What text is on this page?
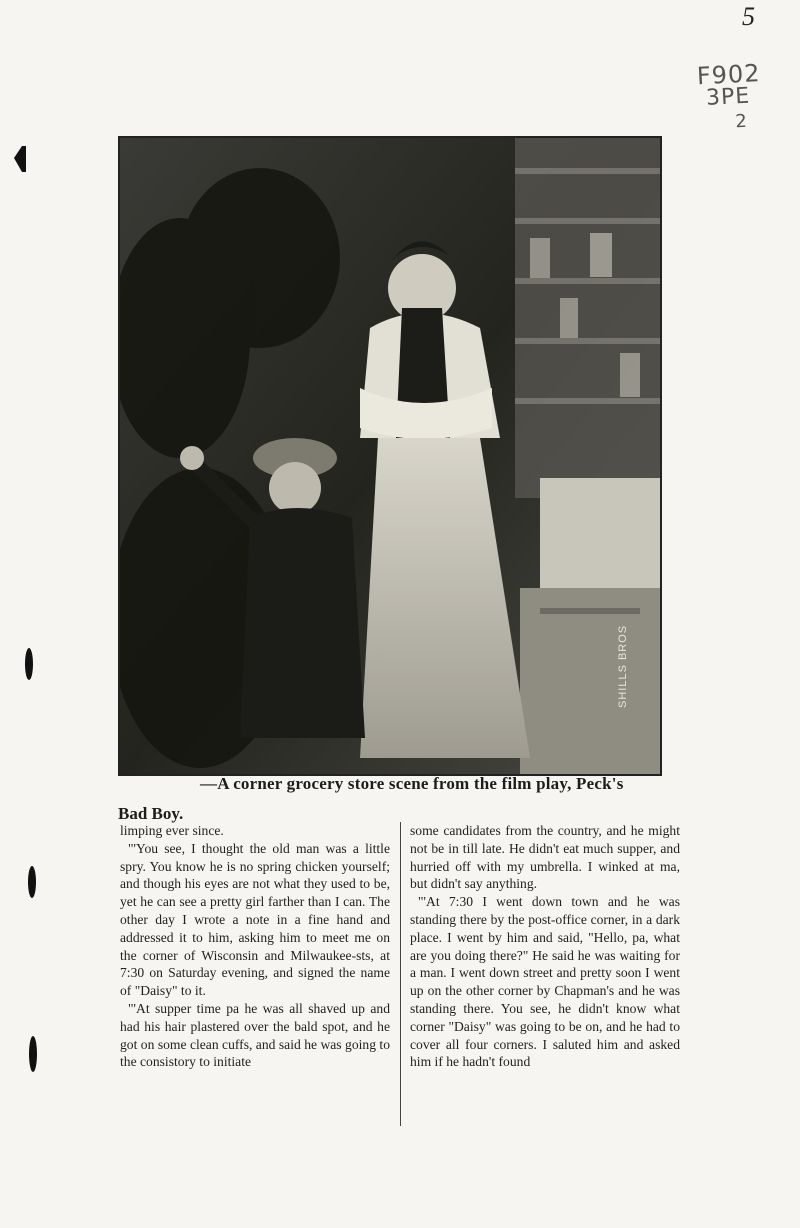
5
F902
3PE
2
SHILLS BROS
—A corner grocery store scene from the film play, Peck's
Bad Boy.

limping ever since.

"'You see, I thought the old man was a little spry. You know he is no spring chicken yourself; and though his eyes are not what they used to be, yet he can see a pretty girl farther than I can. The other day I wrote a note in a fine hand and addressed it to him, asking him to meet me on the corner of Wisconsin and Milwaukee-sts, at 7:30 on Saturday evening, and signed the name of "Daisy" to it.

"'At supper time pa he was all shaved up and had his hair plastered over the bald spot, and he got on some clean cuffs, and said he was going to the consistory to initiate

some candidates from the country, and he might not be in till late. He didn't eat much supper, and hurried off with my umbrella. I winked at ma, but didn't say anything.

"'At 7:30 I went down town and he was standing there by the post-office corner, in a dark place. I went by him and said, "Hello, pa, what are you doing there?" He said he was waiting for a man. I went down street and pretty soon I went up on the other corner by Chapman's and he was standing there. You see, he didn't know what corner "Daisy" was going to be on, and he had to cover all four corners. I saluted him and asked him if he hadn't found
